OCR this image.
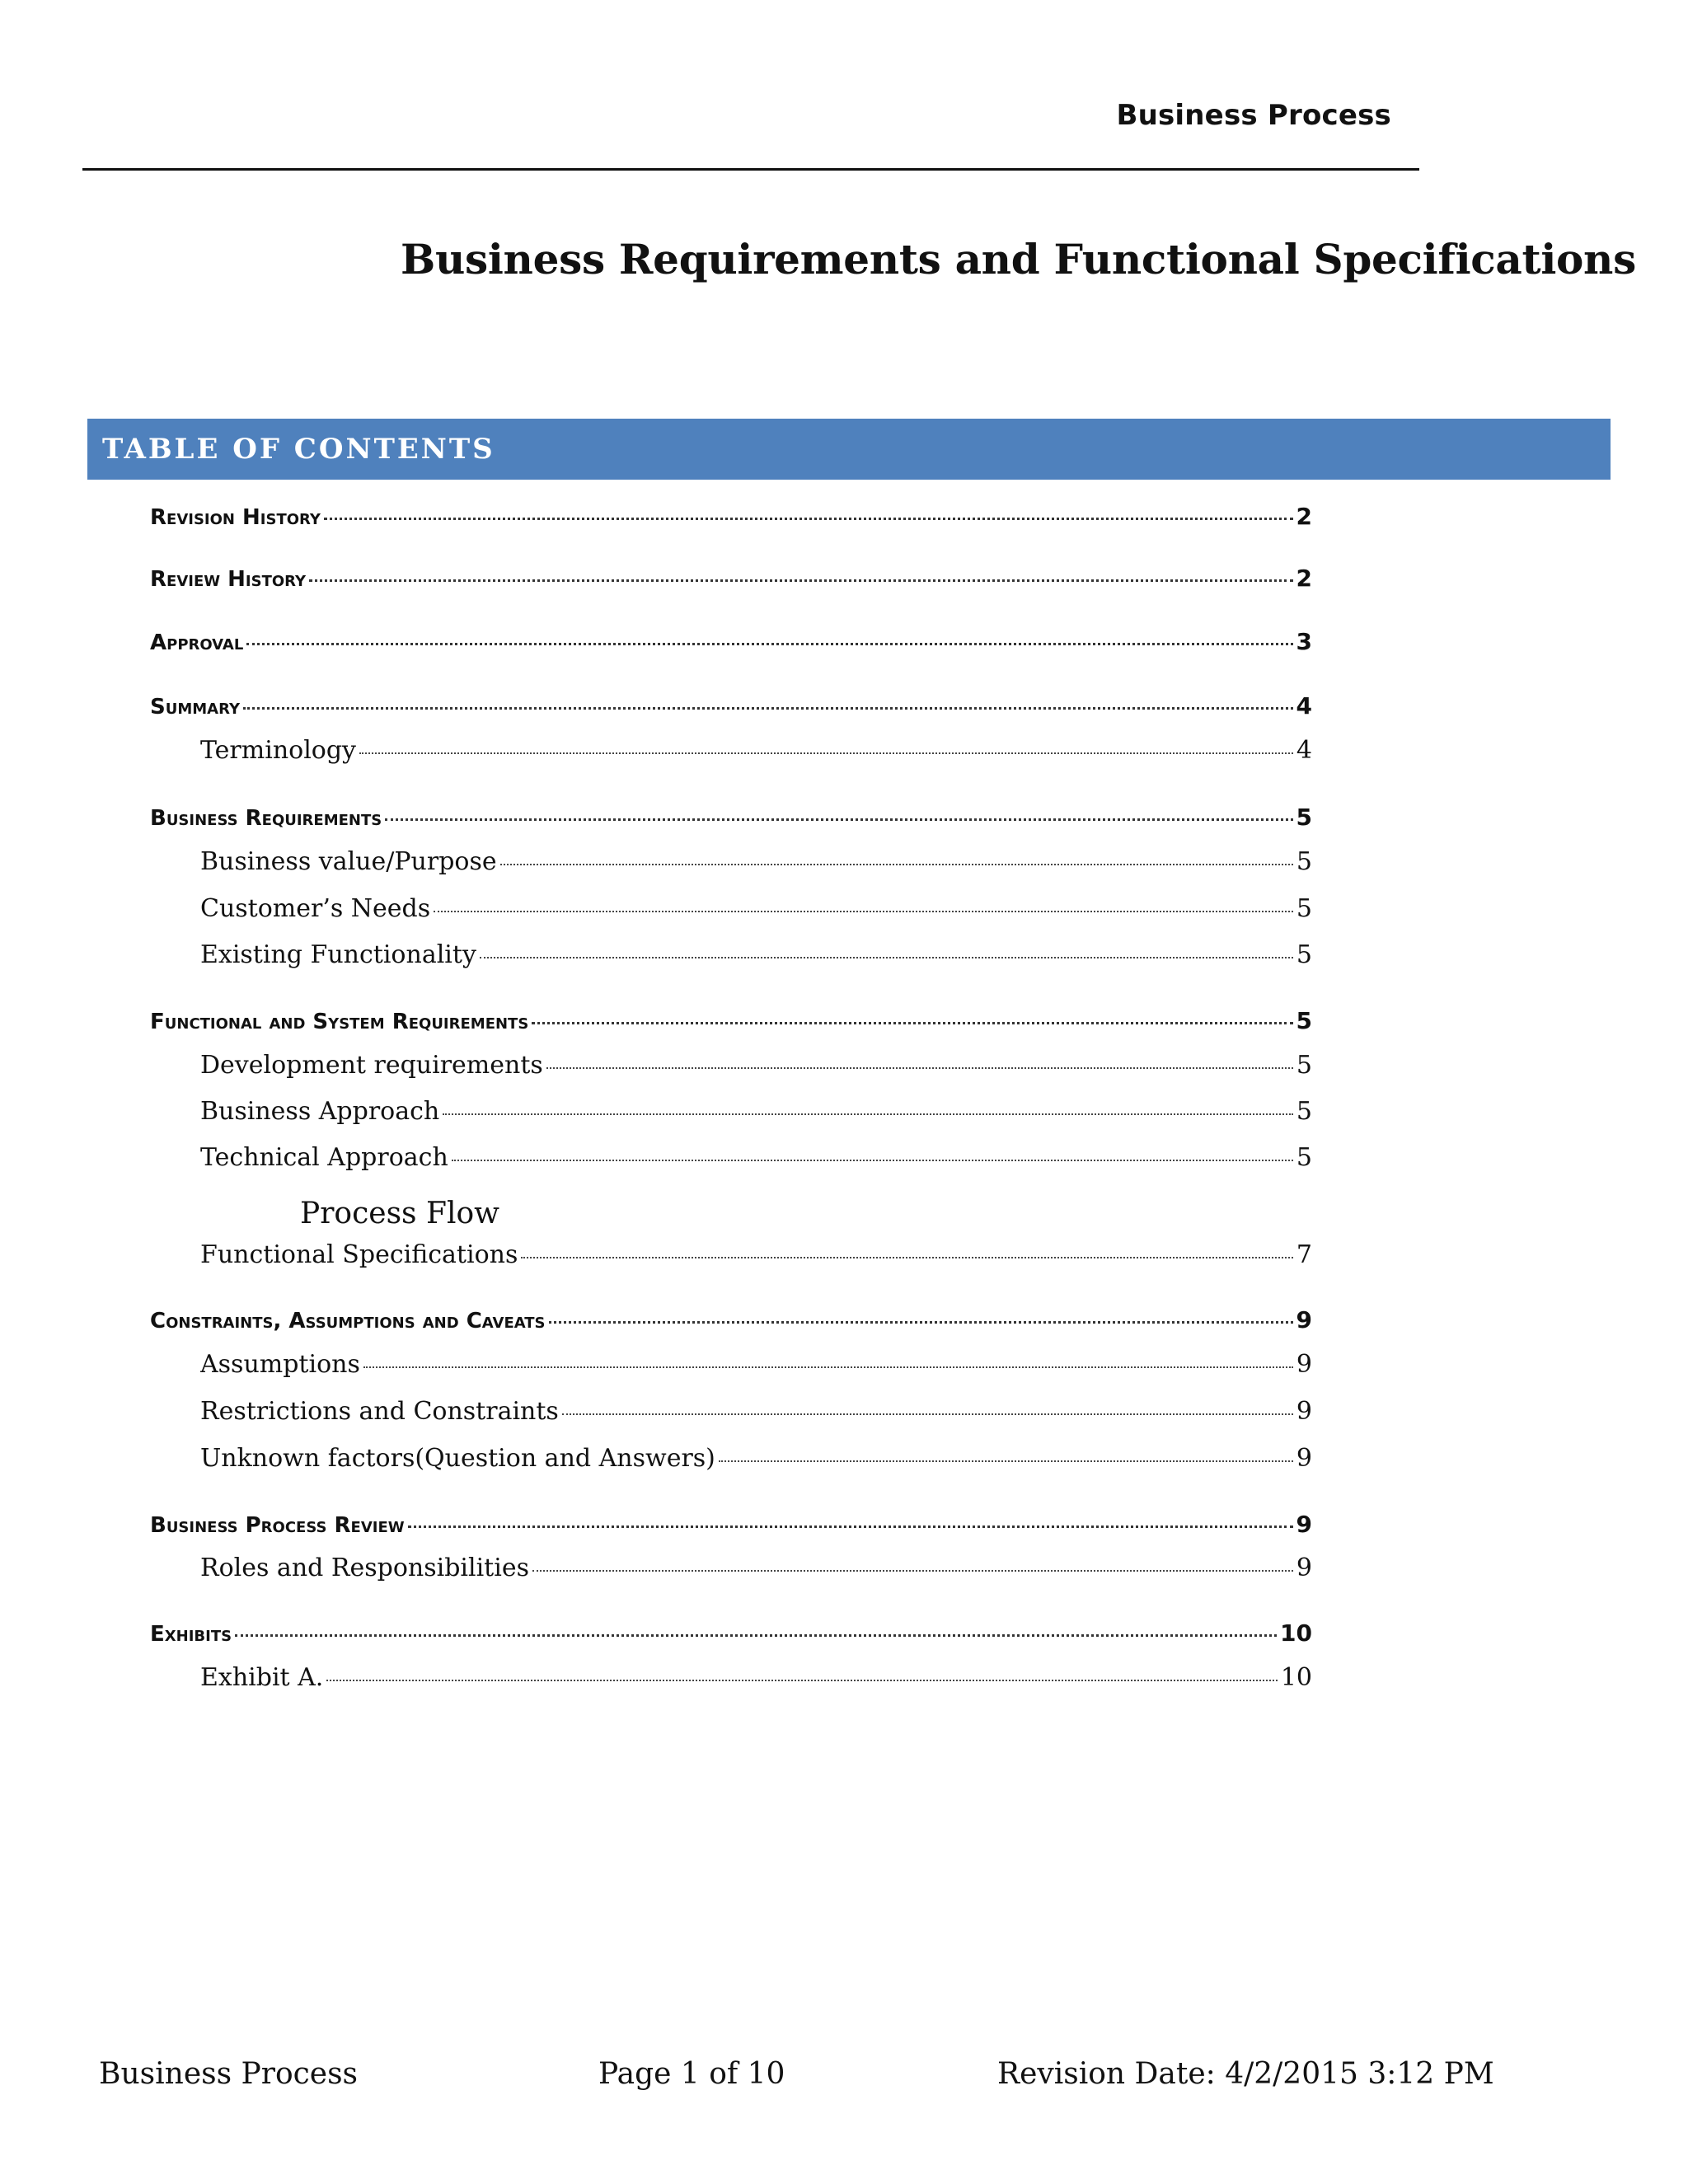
Business Process
Business Requirements and Functional Specifications
TABLE OF CONTENTS
Revision History	2
Review History	2
Approval	3
Summary	4
Terminology	4
Business Requirements	5
Business value/Purpose	5
Customer’s Needs	5
Existing Functionality	5
Functional and System Requirements	5
Development requirements	5
Business Approach	5
Technical Approach	5
Process Flow
Functional Specifications	7
Constraints, Assumptions and Caveats	9
Assumptions	9
Restrictions and Constraints	9
Unknown factors(Question and Answers)	9
Business Process Review	9
Roles and Responsibilities	9
Exhibits	10
Exhibit A.	10
Business Process	Page 1 of 10	Revision Date: 4/2/2015 3:12 PM
